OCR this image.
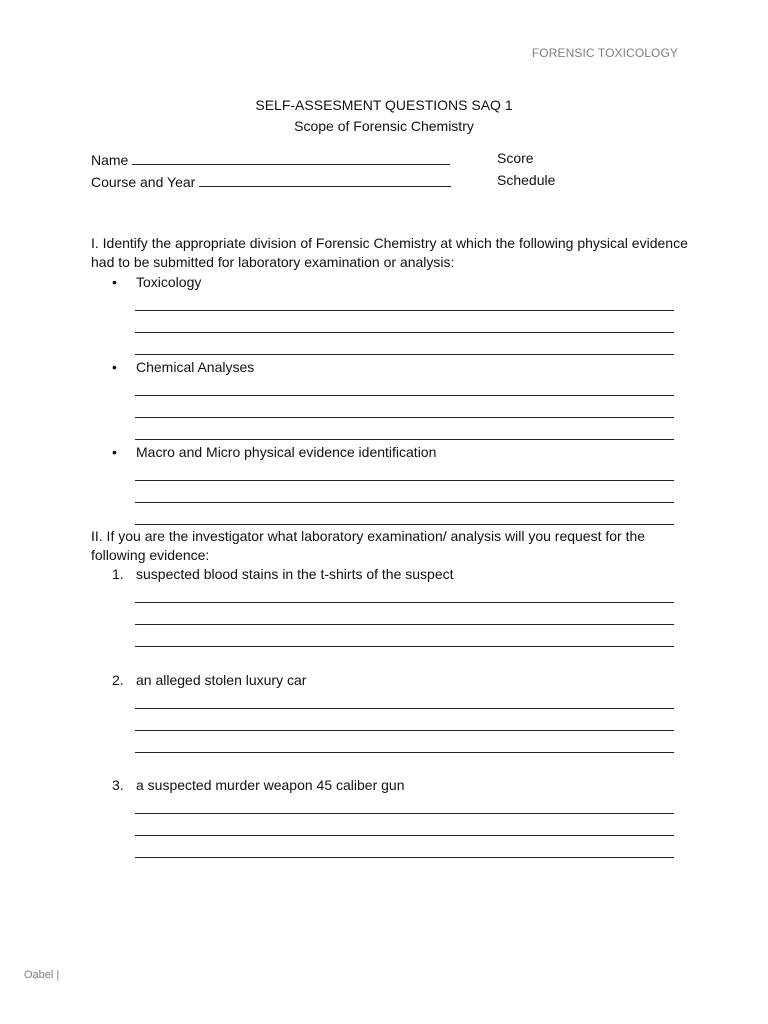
FORENSIC TOXICOLOGY
SELF-ASSESMENT QUESTIONS SAQ 1
Scope of Forensic Chemistry
Name
Course and Year
Score
Schedule
I. Identify the appropriate division of Forensic Chemistry at which the following physical evidence had to be submitted for laboratory examination or analysis:
• Toxicology
• Chemical Analyses
• Macro and Micro physical evidence identification
II. If you are the investigator what laboratory examination/ analysis will you request for the following evidence:
1. suspected blood stains in the t-shirts of the suspect
2. an alleged stolen luxury car
3. a suspected murder weapon 45 caliber gun
Oabel |
